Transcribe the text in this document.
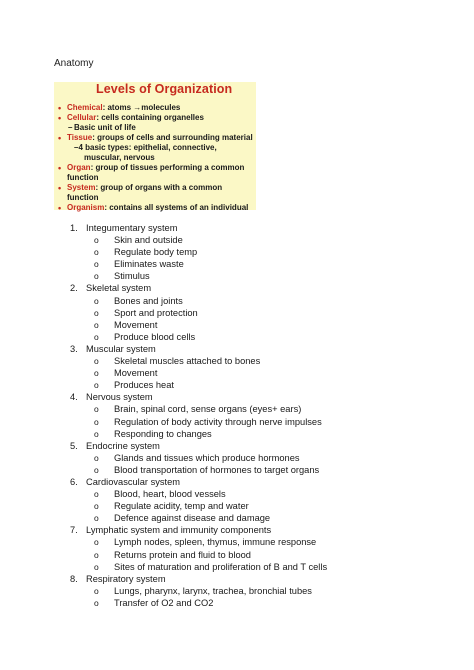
Anatomy
Levels of Organization
• Chemical: atoms →molecules
• Cellular: cells containing organelles
– Basic unit of life
• Tissue: groups of cells and surrounding material
–4 basic types: epithelial, connective, muscular, nervous
• Organ: group of tissues performing a common function
• System: group of organs with a common function
• Organism: contains all systems of an individual
1. Integumentary system
o Skin and outside
o Regulate body temp
o Eliminates waste
o Stimulus
2. Skeletal system
o Bones and joints
o Sport and protection
o Movement
o Produce blood cells
3. Muscular system
o Skeletal muscles attached to bones
o Movement
o Produces heat
4. Nervous system
o Brain, spinal cord, sense organs (eyes+ ears)
o Regulation of body activity through nerve impulses
o Responding to changes
5. Endocrine system
o Glands and tissues which produce hormones
o Blood transportation of hormones to target organs
6. Cardiovascular system
o Blood, heart, blood vessels
o Regulate acidity, temp and water
o Defence against disease and damage
7. Lymphatic system and immunity components
o Lymph nodes, spleen, thymus, immune response
o Returns protein and fluid to blood
o Sites of maturation and proliferation of B and T cells
8. Respiratory system
o Lungs, pharynx, larynx, trachea, bronchial tubes
o Transfer of O2 and CO2
